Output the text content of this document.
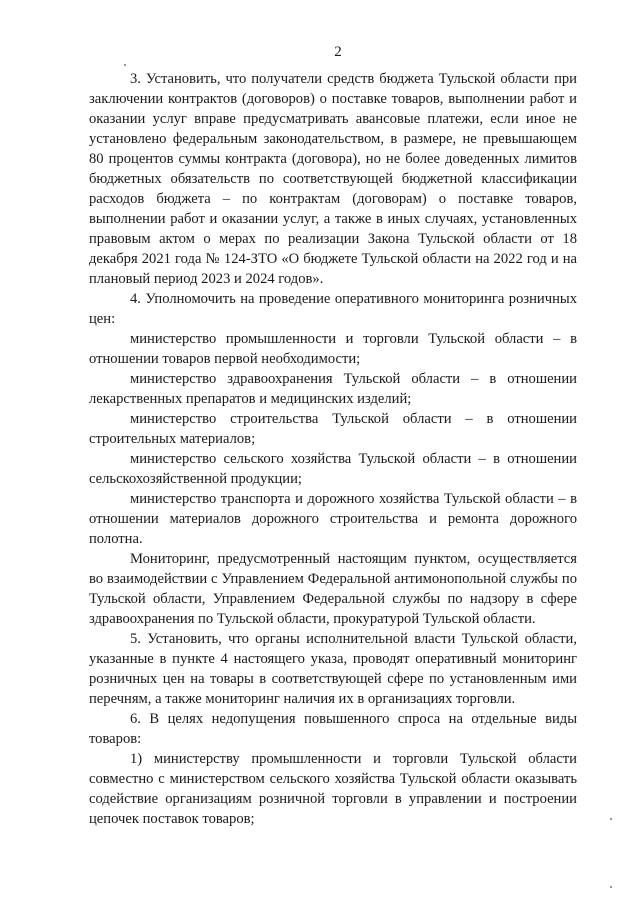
2

3. Установить, что получатели средств бюджета Тульской области при заключении контрактов (договоров) о поставке товаров, выполнении работ и оказании услуг вправе предусматривать авансовые платежи, если иное не установлено федеральным законодательством, в размере, не превышающем 80 процентов суммы контракта (договора), но не более доведенных лимитов бюджетных обязательств по соответствующей бюджетной классификации расходов бюджета – по контрактам (договорам) о поставке товаров, выполнении работ и оказании услуг, а также в иных случаях, установленных правовым актом о мерах по реализации Закона Тульской области от 18 декабря 2021 года № 124-ЗТО «О бюджете Тульской области на 2022 год и на плановый период 2023 и 2024 годов».

4. Уполномочить на проведение оперативного мониторинга розничных цен:

министерство промышленности и торговли Тульской области – в отношении товаров первой необходимости;

министерство здравоохранения Тульской области – в отношении лекарственных препаратов и медицинских изделий;

министерство строительства Тульской области – в отношении строительных материалов;

министерство сельского хозяйства Тульской области – в отношении сельскохозяйственной продукции;

министерство транспорта и дорожного хозяйства Тульской области – в отношении материалов дорожного строительства и ремонта дорожного полотна.

Мониторинг, предусмотренный настоящим пунктом, осуществляется во взаимодействии с Управлением Федеральной антимонопольной службы по Тульской области, Управлением Федеральной службы по надзору в сфере здравоохранения по Тульской области, прокуратурой Тульской области.

5. Установить, что органы исполнительной власти Тульской области, указанные в пункте 4 настоящего указа, проводят оперативный мониторинг розничных цен на товары в соответствующей сфере по установленным ими перечням, а также мониторинг наличия их в организациях торговли.

6. В целях недопущения повышенного спроса на отдельные виды товаров:

1) министерству промышленности и торговли Тульской области совместно с министерством сельского хозяйства Тульской области оказывать содействие организациям розничной торговли в управлении и построении цепочек поставок товаров;
